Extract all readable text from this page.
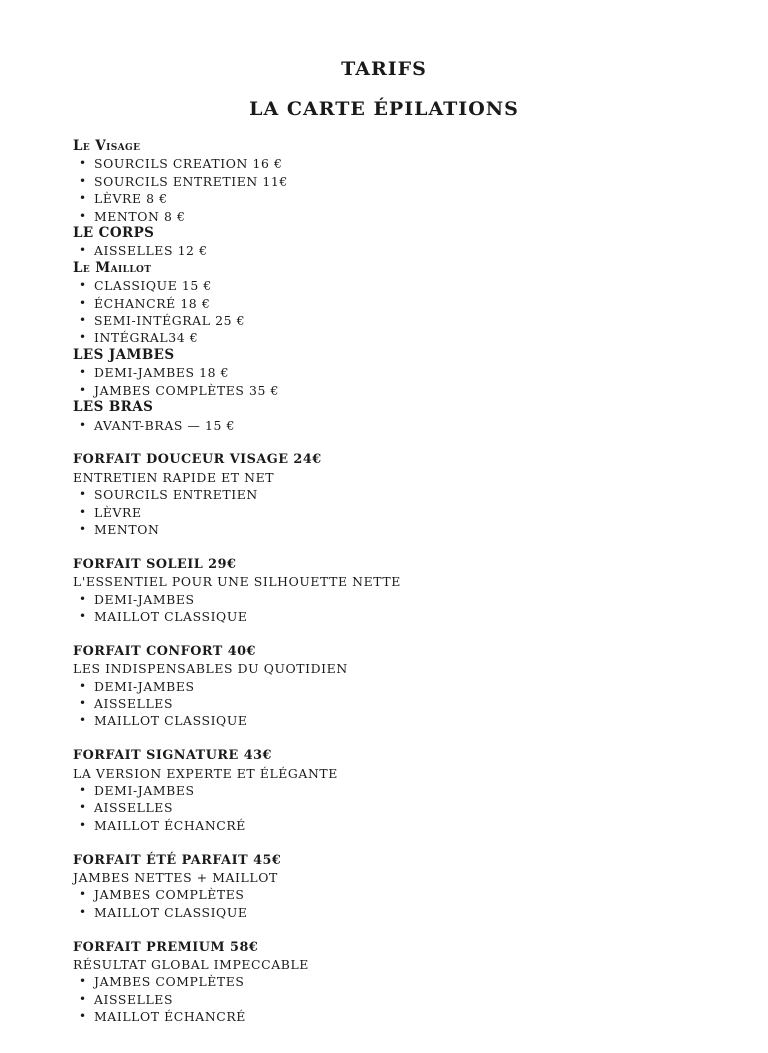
TARIFS
LA CARTE ÉPILATIONS
Le Visage
• SOURCILS CREATION 16 €
• SOURCILS ENTRETIEN 11€
• LÈVRE 8 €
• MENTON 8 €
LE CORPS
• AISSELLES 12 €
Le Maillot
• CLASSIQUE 15 €
• ÉCHANCRÉ 18 €
• SEMI-INTÉGRAL 25 €
• INTÉGRAL34 €
LES JAMBES
• DEMI-JAMBES 18 €
• JAMBES COMPLÈTES 35 €
LES BRAS
• AVANT-BRAS — 15 €
FORFAIT DOUCEUR VISAGE 24€
ENTRETIEN RAPIDE ET NET
• SOURCILS ENTRETIEN
• LÈVRE
• MENTON
FORFAIT SOLEIL 29€
L'ESSENTIEL POUR UNE SILHOUETTE NETTE
• DEMI-JAMBES
• MAILLOT CLASSIQUE
FORFAIT CONFORT 40€
LES INDISPENSABLES DU QUOTIDIEN
• DEMI-JAMBES
• AISSELLES
• MAILLOT CLASSIQUE
FORFAIT SIGNATURE 43€
LA VERSION EXPERTE ET ÉLÉGANTE
• DEMI-JAMBES
• AISSELLES
• MAILLOT ÉCHANCRÉ
FORFAIT ÉTÉ PARFAIT 45€
JAMBES NETTES + MAILLOT
• JAMBES COMPLÈTES
• MAILLOT CLASSIQUE
FORFAIT PREMIUM 58€
RÉSULTAT GLOBAL IMPECCABLE
• JAMBES COMPLÈTES
• AISSELLES
• MAILLOT ÉCHANCRÉ
